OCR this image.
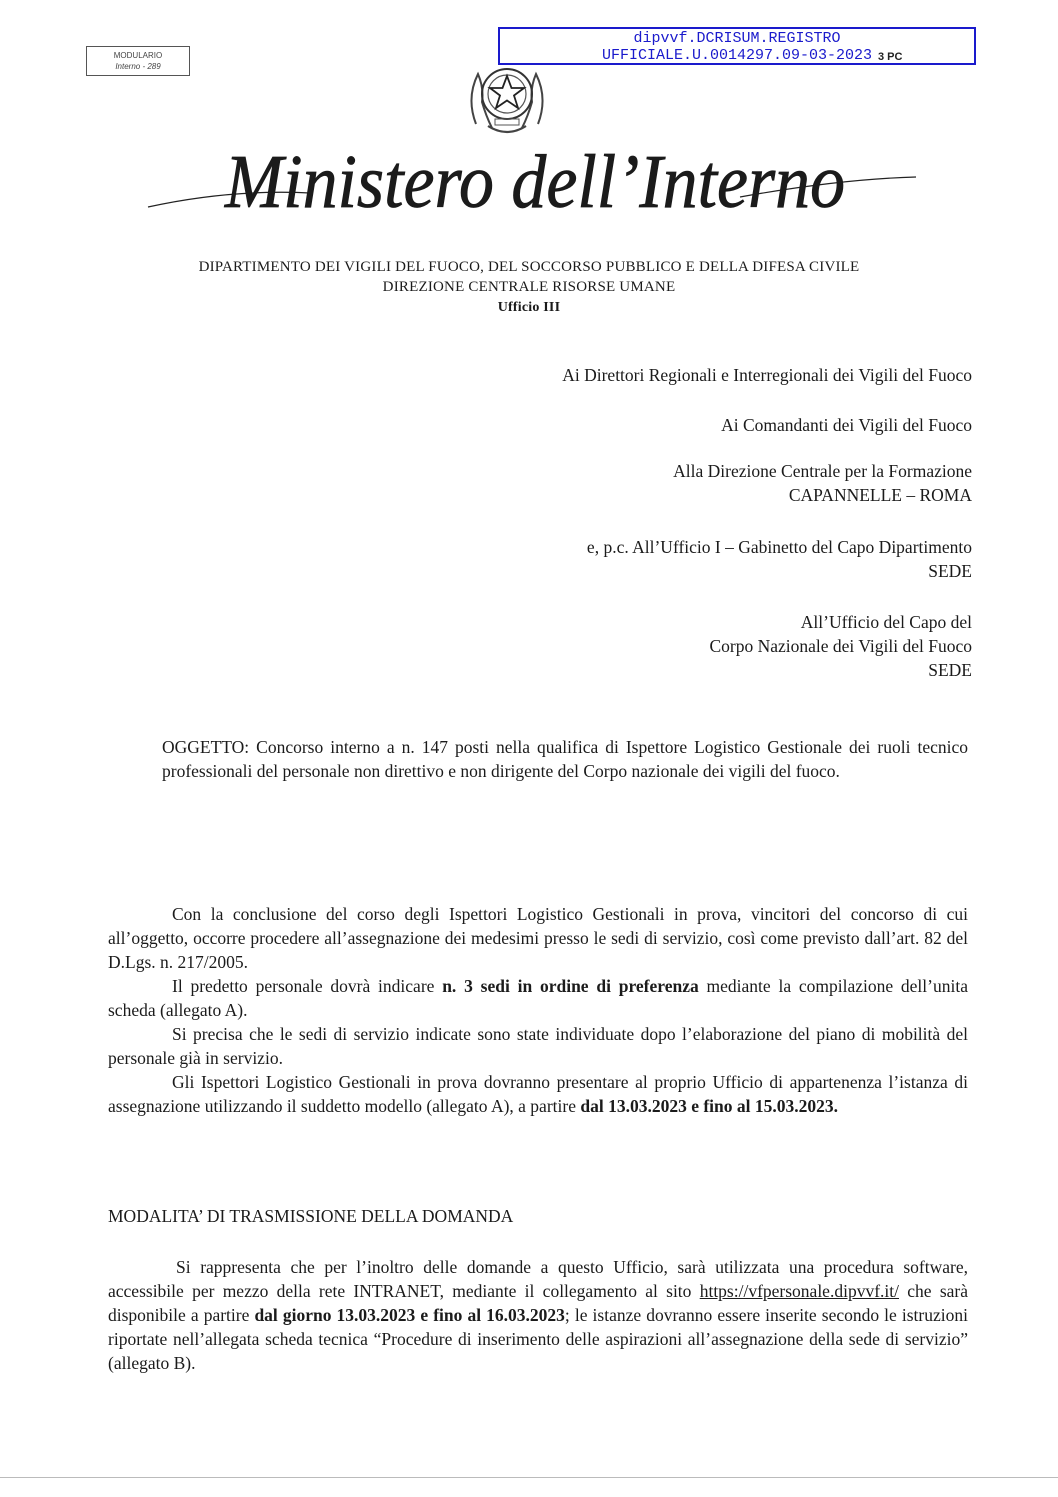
MODULARIO
Interno - 289
dipvvf.DCRISUM.REGISTRO
UFFICIALE.U.0014297.09-03-2023 3 PC
Ministero dell’Interno
DIPARTIMENTO DEI VIGILI DEL FUOCO, DEL SOCCORSO PUBBLICO E DELLA DIFESA CIVILE
DIREZIONE CENTRALE RISORSE UMANE
Ufficio III
Ai Direttori Regionali e Interregionali dei Vigili del Fuoco
Ai Comandanti dei Vigili del Fuoco
Alla Direzione Centrale per la Formazione
CAPANNELLE – ROMA
e, p.c. All’Ufficio I – Gabinetto del Capo Dipartimento
SEDE
All’Ufficio del Capo del
Corpo Nazionale dei Vigili del Fuoco
SEDE

OGGETTO: Concorso interno a n. 147 posti nella qualifica di Ispettore Logistico Gestionale dei ruoli tecnico professionali del personale non direttivo e non dirigente del Corpo nazionale dei vigili del fuoco.

Con la conclusione del corso degli Ispettori Logistico Gestionali in prova, vincitori del concorso di cui all’oggetto, occorre procedere all’assegnazione dei medesimi presso le sedi di servizio, così come previsto dall’art. 82 del D.Lgs. n. 217/2005.

Il predetto personale dovrà indicare n. 3 sedi in ordine di preferenza mediante la compilazione dell’unita scheda (allegato A).

Si precisa che le sedi di servizio indicate sono state individuate dopo l’elaborazione del piano di mobilità del personale già in servizio.

Gli Ispettori Logistico Gestionali in prova dovranno presentare al proprio Ufficio di appartenenza l’istanza di assegnazione utilizzando il suddetto modello (allegato A), a partire dal 13.03.2023 e fino al 15.03.2023.

MODALITA’ DI TRASMISSIONE DELLA DOMANDA

Si rappresenta che per l’inoltro delle domande a questo Ufficio, sarà utilizzata una procedura software, accessibile per mezzo della rete INTRANET, mediante il collegamento al sito https://vfpersonale.dipvvf.it/ che sarà disponibile a partire dal giorno 13.03.2023 e fino al 16.03.2023; le istanze dovranno essere inserite secondo le istruzioni riportate nell’allegata scheda tecnica “Procedure di inserimento delle aspirazioni all’assegnazione della sede di servizio” (allegato B).
